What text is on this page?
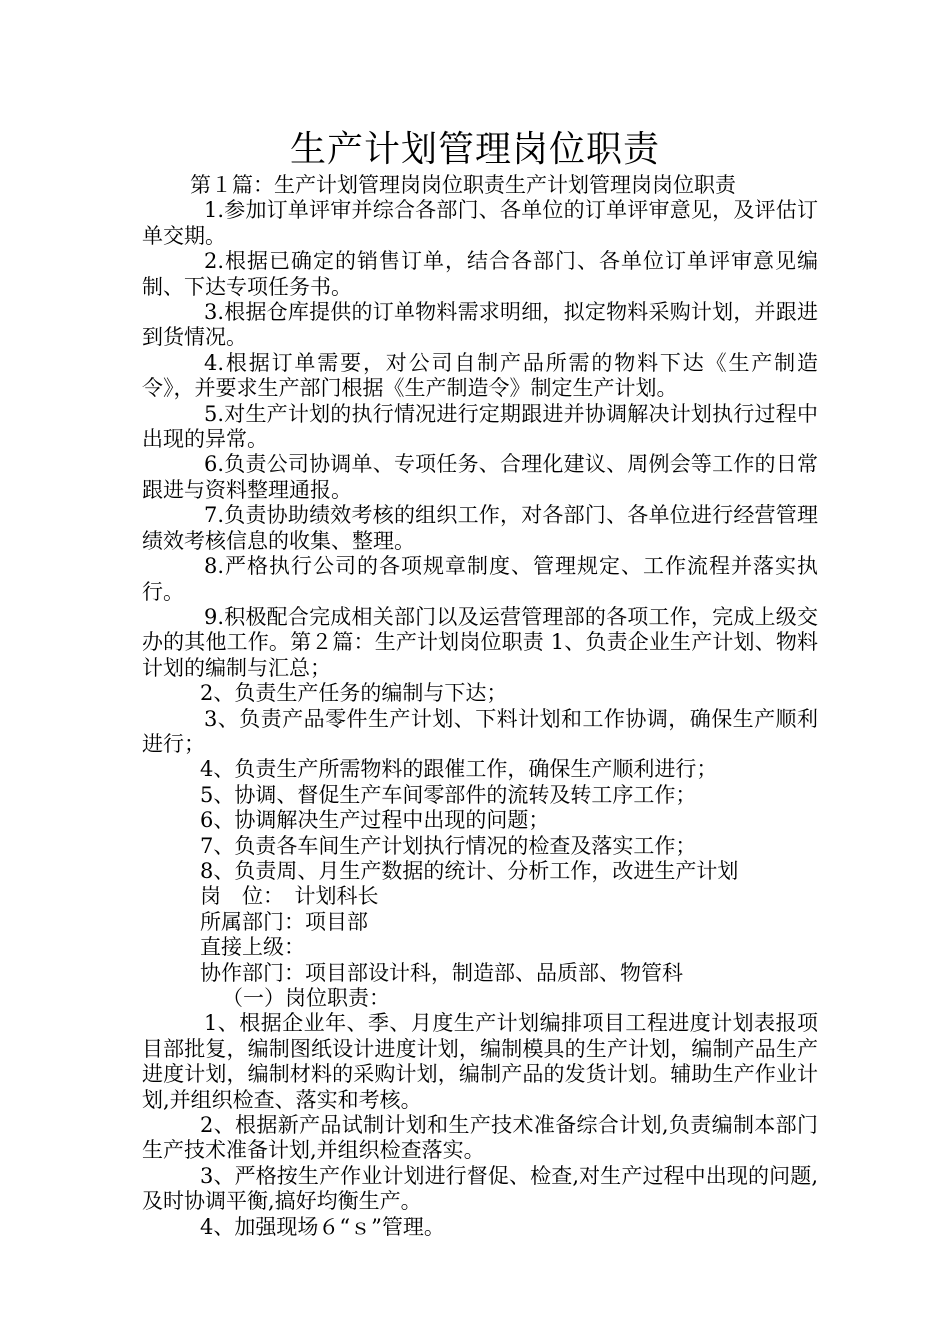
生产计划管理岗位职责

第１篇：生产计划管理岗岗位职责生产计划管理岗岗位职责

1.参加订单评审并综合各部门、各单位的订单评审意见，及评估订单交期。

2.根据已确定的销售订单，结合各部门、各单位订单评审意见编制、下达专项任务书。

3.根据仓库提供的订单物料需求明细，拟定物料采购计划，并跟进到货情况。

4.根据订单需要，对公司自制产品所需的物料下达《生产制造令》，并要求生产部门根据《生产制造令》制定生产计划。

5.对生产计划的执行情况进行定期跟进并协调解决计划执行过程中出现的异常。

6.负责公司协调单、专项任务、合理化建议、周例会等工作的日常跟进与资料整理通报。

7.负责协助绩效考核的组织工作，对各部门、各单位进行经营管理绩效考核信息的收集、整理。

8.严格执行公司的各项规章制度、管理规定、工作流程并落实执行。

9.积极配合完成相关部门以及运营管理部的各项工作，完成上级交办的其他工作。第２篇：生产计划岗位职责 1、负责企业生产计划、物料计划的编制与汇总；

2、负责生产任务的编制与下达；

3、负责产品零件生产计划、下料计划和工作协调，确保生产顺利进行；

4、负责生产所需物料的跟催工作，确保生产顺利进行；

5、协调、督促生产车间零部件的流转及转工序工作；

6、协调解决生产过程中出现的问题；

7、负责各车间生产计划执行情况的检查及落实工作；

8、负责周、月生产数据的统计、分析工作，改进生产计划

岗　位：　计划科长

所属部门：项目部

直接上级：

协作部门：项目部设计科，制造部、品质部、物管科

（一）岗位职责：

1、根据企业年、季、月度生产计划编排项目工程进度计划表报项目部批复，编制图纸设计进度计划，编制模具的生产计划，编制产品生产进度计划，编制材料的采购计划，编制产品的发货计划。辅助生产作业计划,并组织检查、落实和考核。

2、根据新产品试制计划和生产技术准备综合计划,负责编制本部门生产技术准备计划,并组织检查落实。

3、严格按生产作业计划进行督促、检查,对生产过程中出现的问题,及时协调平衡,搞好均衡生产。

4、加强现场６“ｓ”管理。
